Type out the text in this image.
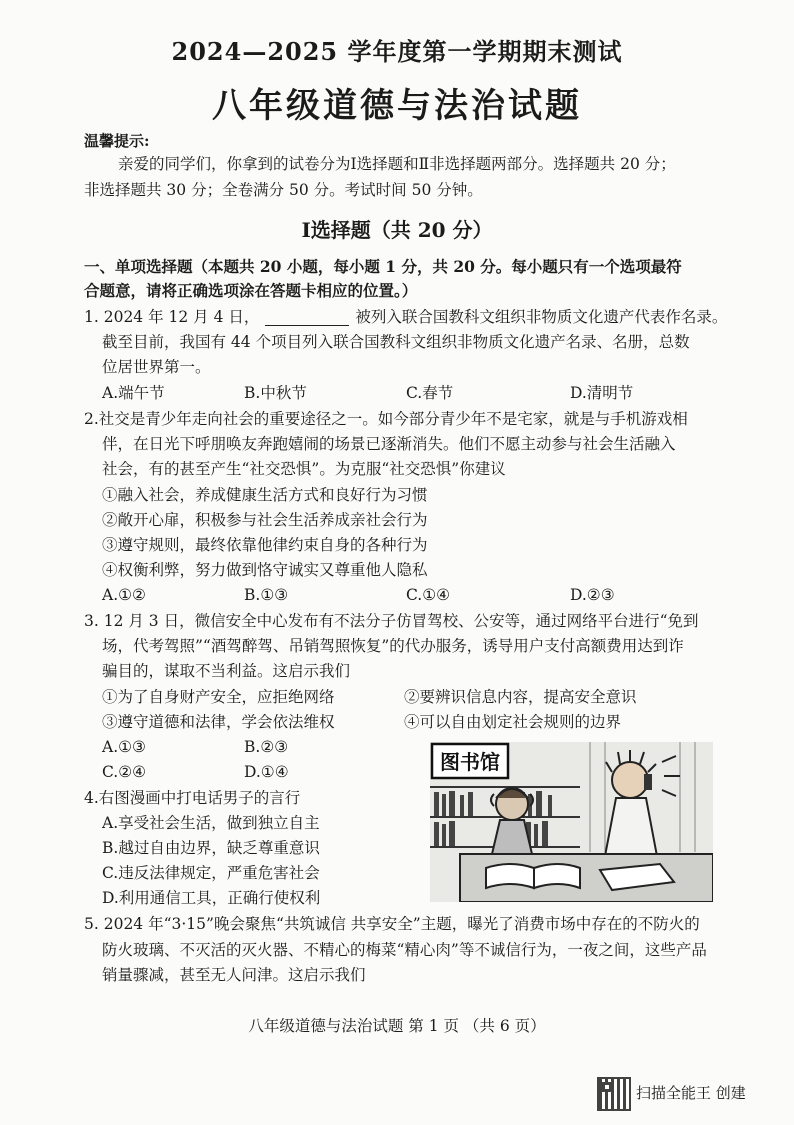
2024—2025 学年度第一学期期末测试
八年级道德与法治试题
温馨提示:
亲爱的同学们，你拿到的试卷分为Ⅰ选择题和Ⅱ非选择题两部分。选择题共 20 分；
非选择题共 30 分；全卷满分 50 分。考试时间 50 分钟。
Ⅰ选择题（共 20 分）
一、单项选择题（本题共 20 小题，每小题 1 分，共 20 分。每小题只有一个选项最符
合题意，请将正确选项涂在答题卡相应的位置。）
1. 2024 年 12 月 4 日，	被列入联合国教科文组织非物质文化遗产代表作名录。
截至目前，我国有 44 个项目列入联合国教科文组织非物质文化遗产名录、名册，总数
位居世界第一。
A.端午节	B.中秋节	C.春节	D.清明节
2.社交是青少年走向社会的重要途径之一。如今部分青少年不是宅家，就是与手机游戏相
伴，在日光下呼朋唤友奔跑嬉闹的场景已逐渐消失。他们不愿主动参与社会生活融入
社会，有的甚至产生“社交恐惧”。为克服“社交恐惧”你建议
①融入社会，养成健康生活方式和良好行为习惯
②敞开心扉，积极参与社会生活养成亲社会行为
③遵守规则，最终依靠他律约束自身的各种行为
④权衡利弊，努力做到恪守诚实又尊重他人隐私
A.①②	B.①③	C.①④	D.②③
3. 12 月 3 日，微信安全中心发布有不法分子仿冒驾校、公安等，通过网络平台进行“免到
场，代考驾照”“酒驾醉驾、吊销驾照恢复”的代办服务，诱导用户支付高额费用达到诈
骗目的，谋取不当利益。这启示我们
①为了自身财产安全，应拒绝网络	②要辨识信息内容，提高安全意识
③遵守道德和法律，学会依法维权	④可以自由划定社会规则的边界
A.①③	B.②③
C.②④	D.①④
4.右图漫画中打电话男子的言行
A.享受社会生活，做到独立自主
B.越过自由边界，缺乏尊重意识
C.违反法律规定，严重危害社会
D.利用通信工具，正确行使权利
图书馆
5. 2024 年“3·15”晚会聚焦“共筑诚信 共享安全”主题，曝光了消费市场中存在的不防火的
防火玻璃、不灭活的灭火器、不精心的梅菜“精心肉”等不诚信行为，一夜之间，这些产品
销量骤减，甚至无人问津。这启示我们
八年级道德与法治试题 第 1 页 （共 6 页）
扫描全能王 创建
